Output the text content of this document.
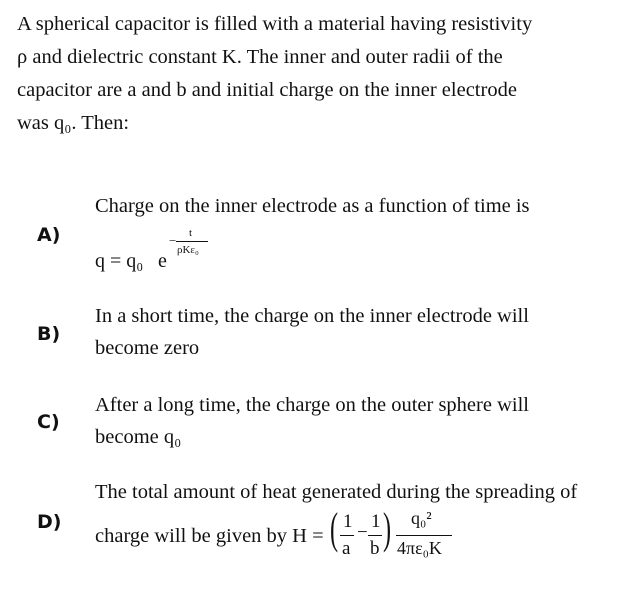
A spherical capacitor is filled with a material having resistivity
ρ and dielectric constant K. The inner and outer radii of the
capacitor are a and b and initial charge on the inner electrode
was q₀. Then:
A)
Charge on the inner electrode as a function of time is
q = q₀ e
− t
ρKε₀
B)
In a short time, the charge on the inner electrode will
become zero
C)
After a long time, the charge on the outer sphere will
become q₀
D)
The total amount of heat generated during the spreading of
charge will be given by H = ( 1
a
−
1
b ) q₀²
4πε₀K
